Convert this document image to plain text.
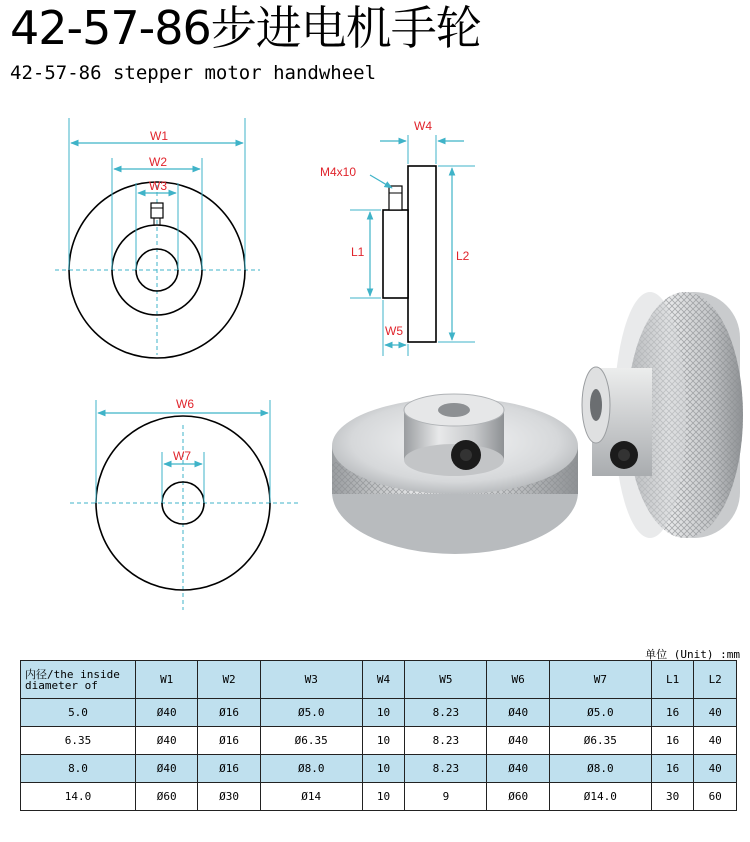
42-57-86步进电机手轮
42-57-86 stepper motor handwheel
W1
W2
W3
W4
L2
L1
W5
M4x10
W6
W7
单位 (Unit) :mm
内径/the inside diameter of	W1	W2	W3	W4	W5	W6	W7	L1	L2
5.0	Ø40	Ø16	Ø5.0	10	8.23	Ø40	Ø5.0	16	40
6.35	Ø40	Ø16	Ø6.35	10	8.23	Ø40	Ø6.35	16	40
8.0	Ø40	Ø16	Ø8.0	10	8.23	Ø40	Ø8.0	16	40
14.0	Ø60	Ø30	Ø14	10	9	Ø60	Ø14.0	30	60
